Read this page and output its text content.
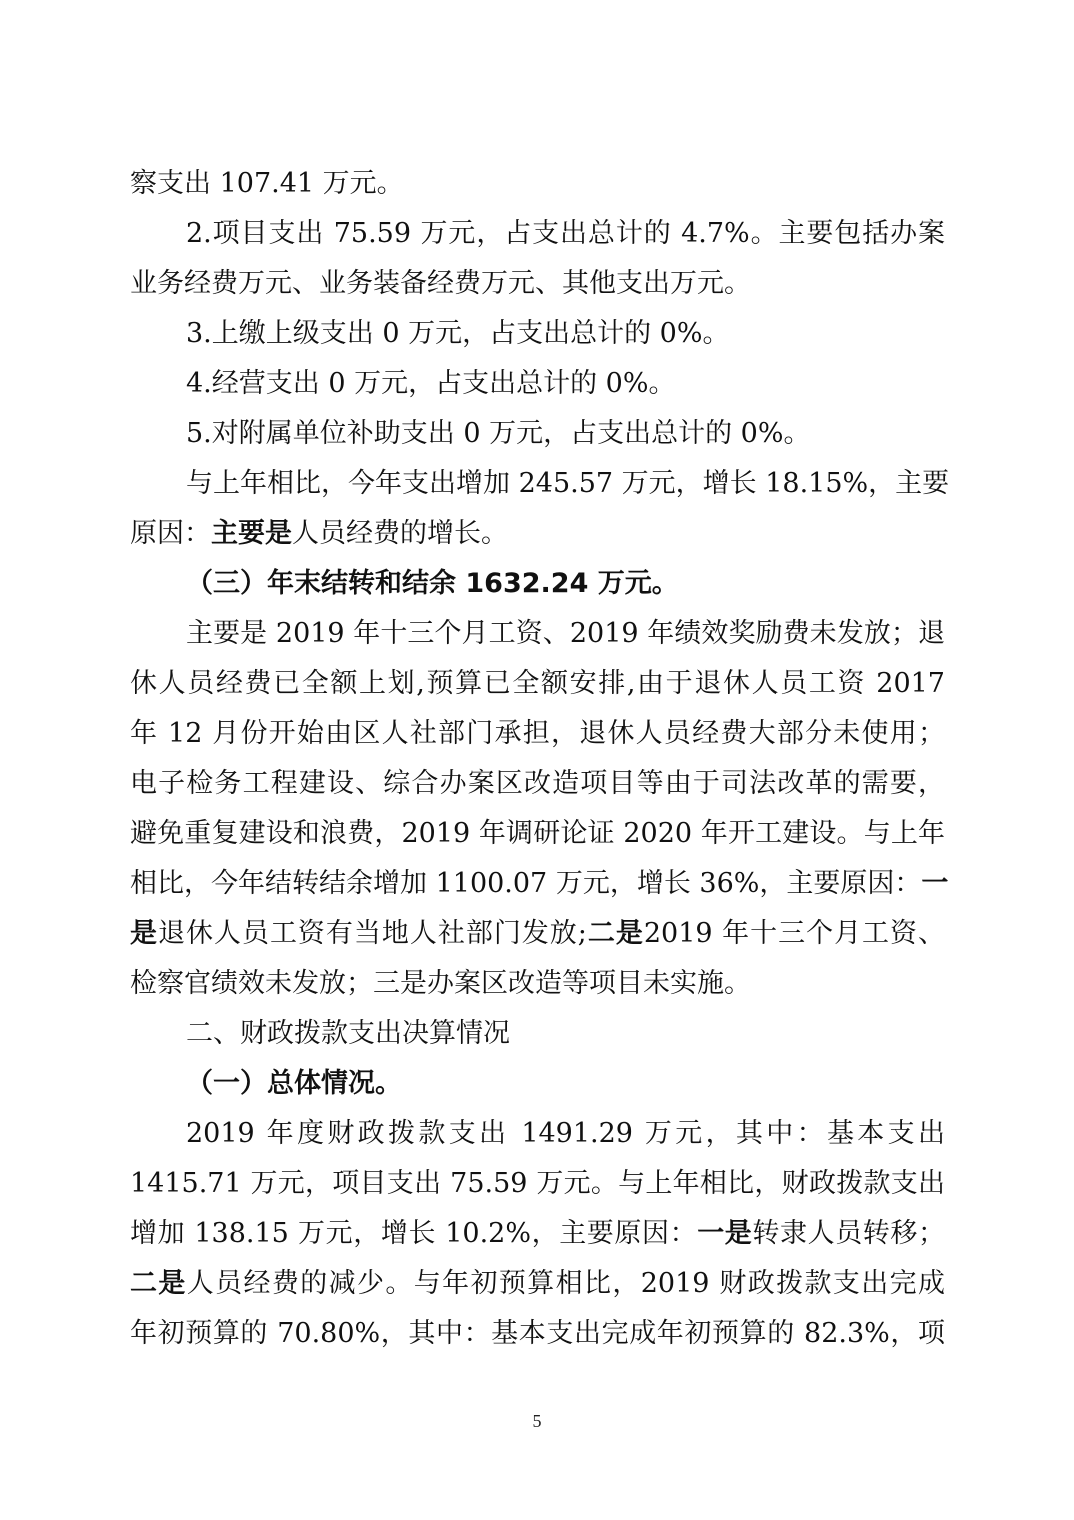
察支出 107.41 万元。
2.项目支出 75.59 万元，占支出总计的 4.7%。主要包括办案
业务经费万元、业务装备经费万元、其他支出万元。
3.上缴上级支出 0 万元，占支出总计的 0%。
4.经营支出 0 万元，占支出总计的 0%。
5.对附属单位补助支出 0 万元，占支出总计的 0%。
与上年相比，今年支出增加 245.57 万元，增长 18.15%，主要
原因：主要是人员经费的增长。
（三）年末结转和结余 1632.24 万元。
主要是 2019 年十三个月工资、2019 年绩效奖励费未发放；退
休人员经费已全额上划,预算已全额安排,由于退休人员工资 2017
年 12 月份开始由区人社部门承担，退休人员经费大部分未使用；
电子检务工程建设、综合办案区改造项目等由于司法改革的需要，
避免重复建设和浪费，2019 年调研论证 2020 年开工建设。与上年
相比，今年结转结余增加 1100.07 万元，增长 36%，主要原因：一
是退休人员工资有当地人社部门发放;二是2019 年十三个月工资、
检察官绩效未发放；三是办案区改造等项目未实施。
二、财政拨款支出决算情况
（一）总体情况。
2019 年度财政拨款支出 1491.29 万元，其中：基本支出
1415.71 万元，项目支出 75.59 万元。与上年相比，财政拨款支出
增加 138.15 万元，增长 10.2%，主要原因：一是转隶人员转移；
二是人员经费的减少。与年初预算相比，2019 财政拨款支出完成
年初预算的 70.80%，其中：基本支出完成年初预算的 82.3%，项
5
